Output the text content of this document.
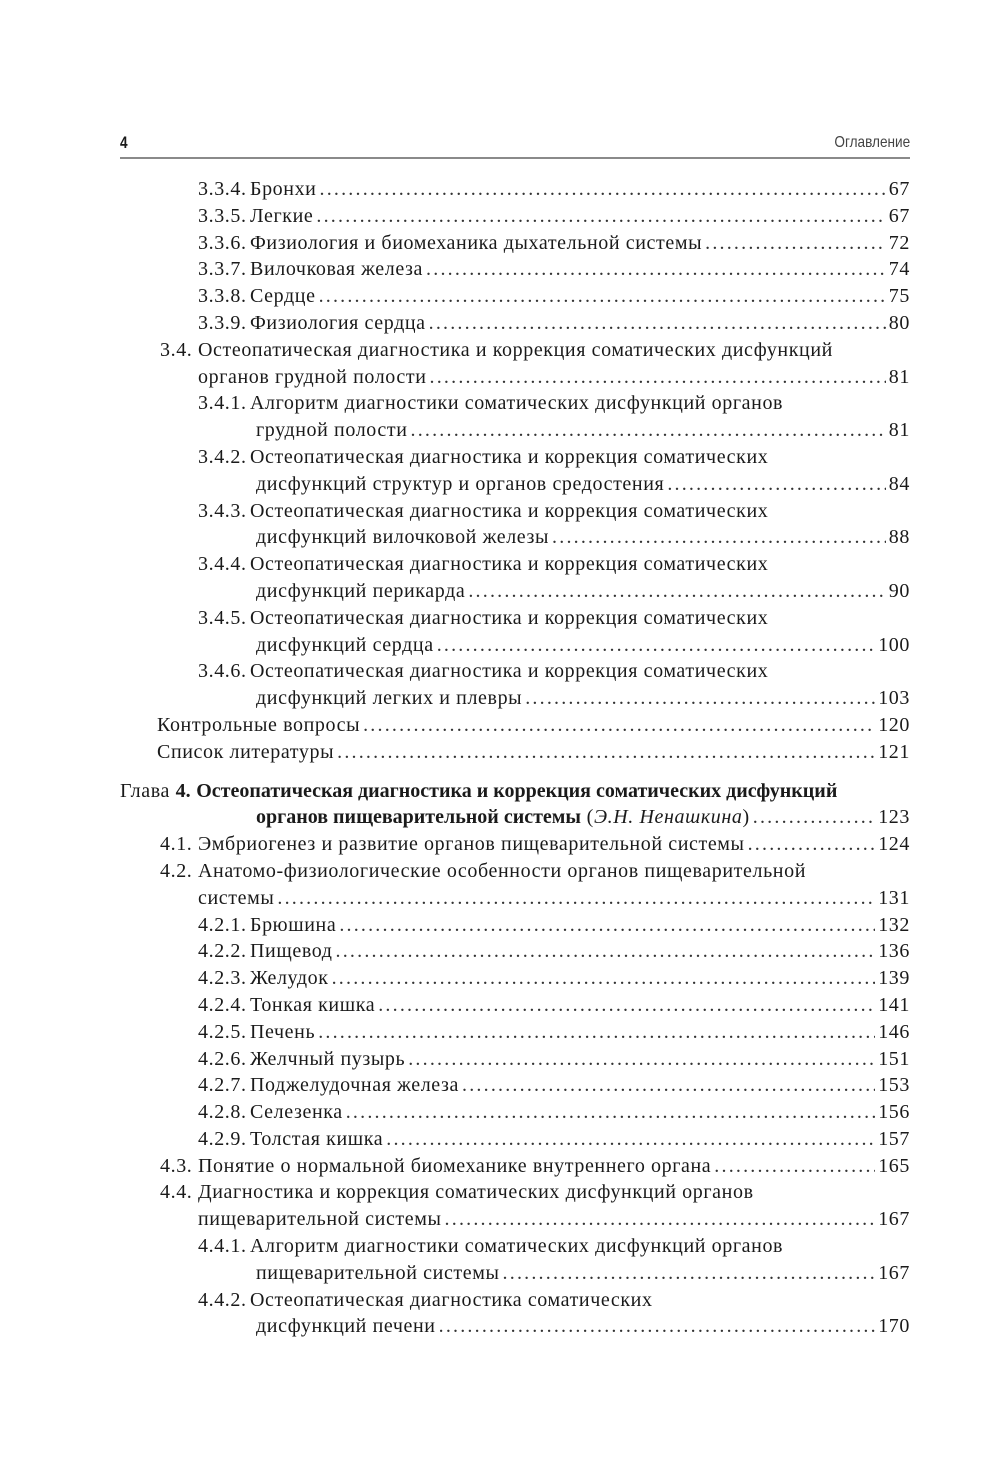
4	Оглавление
3.3.4. Бронхи .....	67
3.3.5. Легкие .....	67
3.3.6. Физиология и биомеханика дыхательной системы .....	72
3.3.7. Вилочковая железа .....	74
3.3.8. Сердце .....	75
3.3.9. Физиология сердца .....	80
3.4. Остеопатическая диагностика и коррекция соматических дисфункций
органов грудной полости .....	81
3.4.1. Алгоритм диагностики соматических дисфункций органов
грудной полости .....	81
3.4.2. Остеопатическая диагностика и коррекция соматических
дисфункций структур и органов средостения .....	84
3.4.3. Остеопатическая диагностика и коррекция соматических
дисфункций вилочковой железы .....	88
3.4.4. Остеопатическая диагностика и коррекция соматических
дисфункций перикарда .....	90
3.4.5. Остеопатическая диагностика и коррекция соматических
дисфункций сердца .....	100
3.4.6. Остеопатическая диагностика и коррекция соматических
дисфункций легких и плевры .....	103
Контрольные вопросы .....	120
Список литературы .....	121
Глава 4. Остеопатическая диагностика и коррекция соматических дисфункций
органов пищеварительной системы (Э.Н. Ненашкина) .....	123
4.1. Эмбриогенез и развитие органов пищеварительной системы .....	124
4.2. Анатомо-физиологические особенности органов пищеварительной
системы .....	131
4.2.1. Брюшина .....	132
4.2.2. Пищевод .....	136
4.2.3. Желудок .....	139
4.2.4. Тонкая кишка .....	141
4.2.5. Печень .....	146
4.2.6. Желчный пузырь .....	151
4.2.7. Поджелудочная железа .....	153
4.2.8. Селезенка .....	156
4.2.9. Толстая кишка .....	157
4.3. Понятие о нормальной биомеханике внутреннего органа .....	165
4.4. Диагностика и коррекция соматических дисфункций органов
пищеварительной системы .....	167
4.4.1. Алгоритм диагностики соматических дисфункций органов
пищеварительной системы .....	167
4.4.2. Остеопатическая диагностика соматических
дисфункций печени .....	170
